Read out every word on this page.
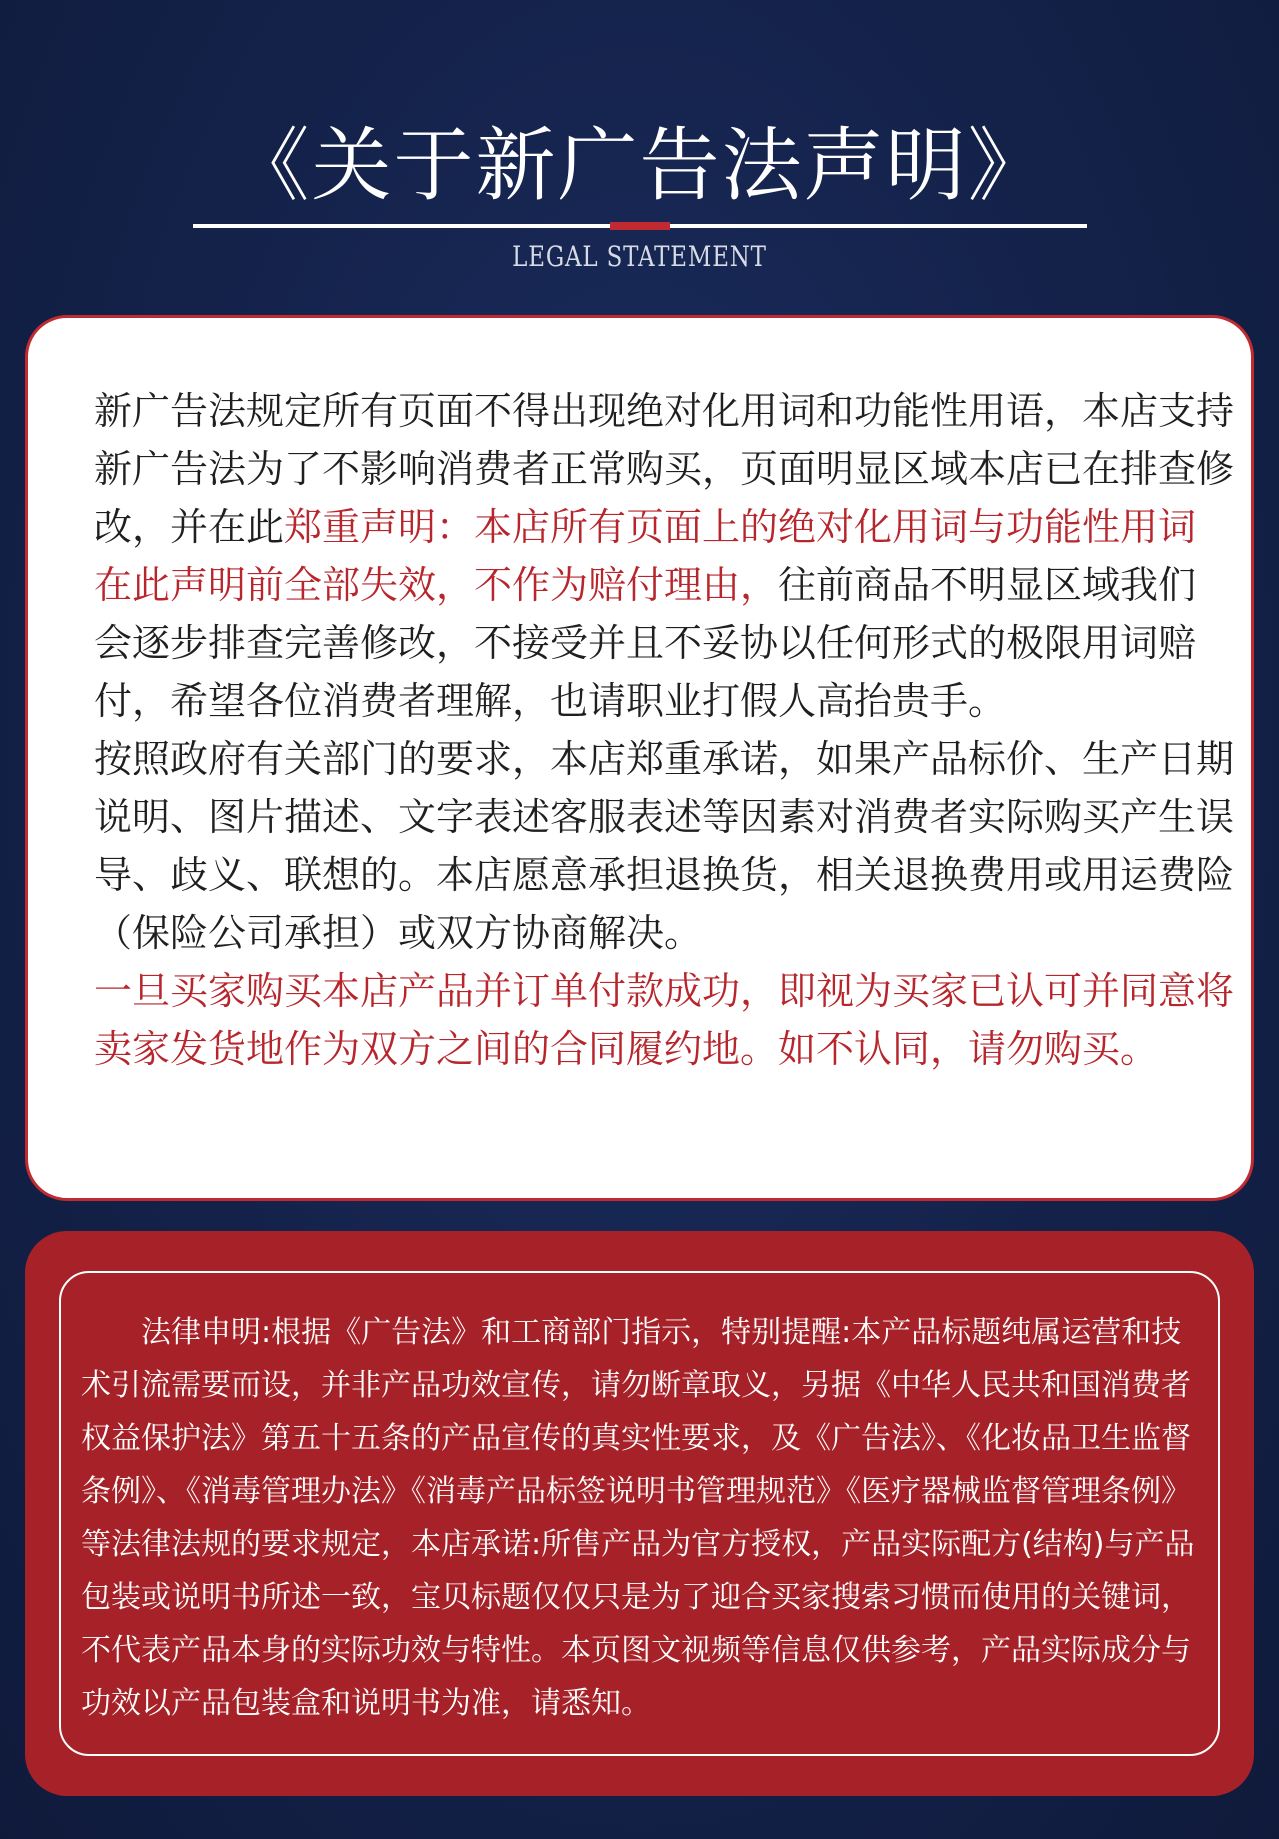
《关于新广告法声明》
LEGAL STATEMENT

新广告法规定所有页面不得出现绝对化用词和功能性用语，本店支持新广告法为了不影响消费者正常购买，页面明显区域本店已在排查修改，并在此郑重声明：本店所有页面上的绝对化用词与功能性用词在此声明前全部失效，不作为赔付理由，往前商品不明显区域我们会逐步排查完善修改，不接受并且不妥协以任何形式的极限用词赔付，希望各位消费者理解，也请职业打假人高抬贵手。

按照政府有关部门的要求，本店郑重承诺，如果产品标价、生产日期说明、图片描述、文字表述客服表述等因素对消费者实际购买产生误导、歧义、联想的。本店愿意承担退换货，相关退换费用或用运费险（保险公司承担）或双方协商解决。

一旦买家购买本店产品并订单付款成功，即视为买家已认可并同意将卖家发货地作为双方之间的合同履约地。如不认同，请勿购买。

法律申明:根据《广告法》和工商部门指示，特别提醒:本产品标题纯属运营和技术引流需要而设，并非产品功效宣传，请勿断章取义，另据《中华人民共和国消费者权益保护法》第五十五条的产品宣传的真实性要求，及《广告法》、《化妆品卫生监督条例》、《消毒管理办法》《消毒产品标签说明书管理规范》《医疗器械监督管理条例》等法律法规的要求规定，本店承诺:所售产品为官方授权，产品实际配方(结构)与产品包装或说明书所述一致，宝贝标题仅仅只是为了迎合买家搜索习惯而使用的关键词，不代表产品本身的实际功效与特性。本页图文视频等信息仅供参考，产品实际成分与功效以产品包装盒和说明书为准，请悉知。
